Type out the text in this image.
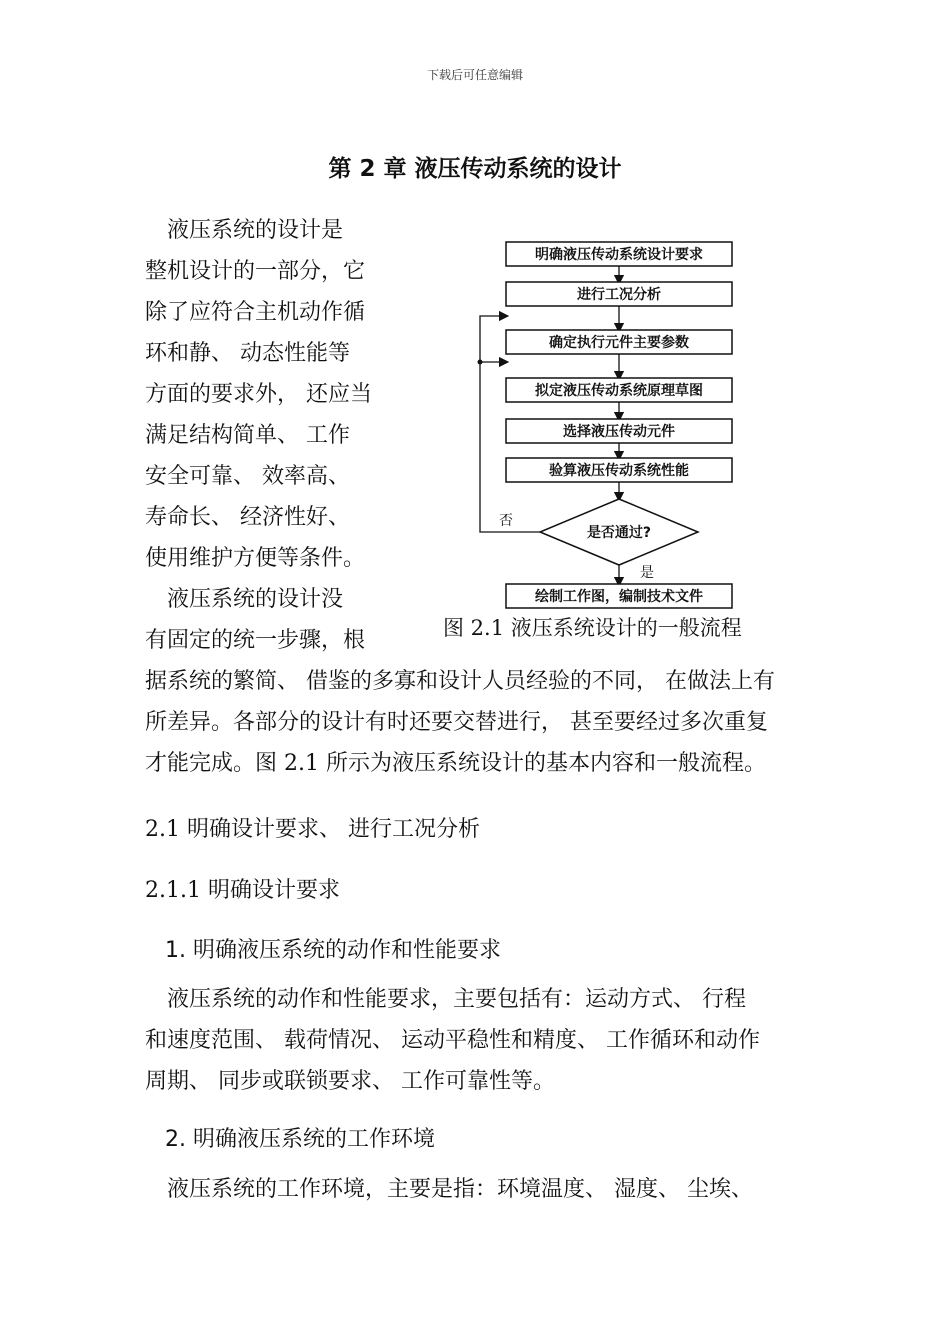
下载后可任意编辑
第 2 章 液压传动系统的设计
　液压系统的设计是
整机设计的一部分，它
除了应符合主机动作循
环和静、 动态性能等
方面的要求外， 还应当
满足结构简单、 工作
安全可靠、 效率高、
寿命长、 经济性好、
使用维护方便等条件。
　液压系统的设计没
有固定的统一步骤，根
据系统的繁简、 借鉴的多寡和设计人员经验的不同， 在做法上有
所差异。各部分的设计有时还要交替进行， 甚至要经过多次重复
才能完成。图 2.1 所示为液压系统设计的基本内容和一般流程。
明确液压传动系统设计要求
进行工况分析
确定执行元件主要参数
拟定液压传动系统原理草图
选择液压传动元件
验算液压传动系统性能
是否通过?
否
是
绘制工作图，编制技术文件
图 2.1 液压系统设计的一般流程
2.1 明确设计要求、 进行工况分析
2.1.1 明确设计要求
1. 明确液压系统的动作和性能要求
　液压系统的动作和性能要求，主要包括有：运动方式、 行程
和速度范围、 载荷情况、 运动平稳性和精度、 工作循环和动作
周期、 同步或联锁要求、 工作可靠性等。
2. 明确液压系统的工作环境
　液压系统的工作环境，主要是指：环境温度、 湿度、 尘埃、
